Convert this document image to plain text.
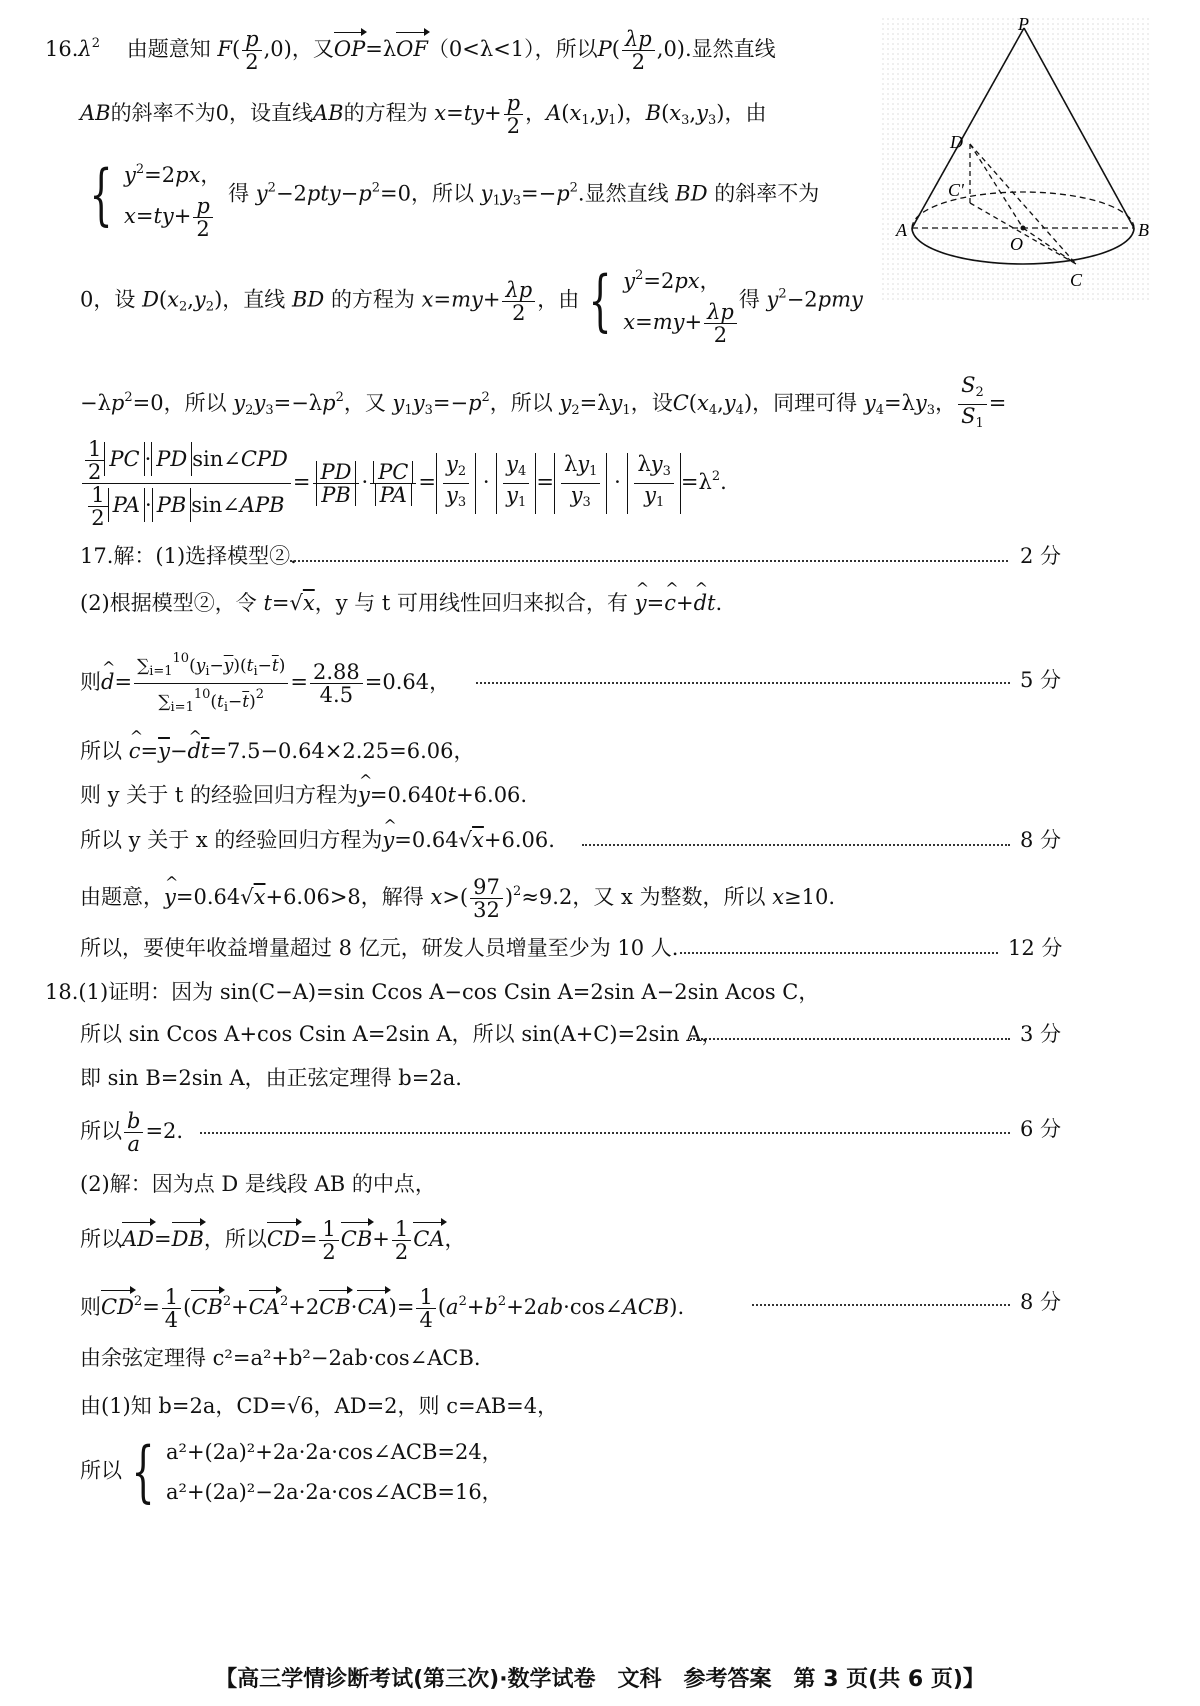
$16.\lambda^2$ 由题意知 $F( \frac{p}{2} ,0)$，又OP=λOF（0<λ<1），所以$P( \frac{\lambda p}{2} ,0)$.显然直线
AB的斜率不为0，设直线AB的方程为 $x=ty+ \frac{p}{2}$ ，$A(x_1,y_1)$，$B(x_3,y_3)$，由
{ $y^2=2px$，
$x=ty+ \frac{p}{2}$
得 $y^2-2pty-p^2=0$，所以 $y_1y_3=-p^2$.显然直线 BD 的斜率不为
0，设 $D(x_2,y_2)$，直线 BD 的方程为 $x=my+ \frac{\lambda p}{2}$ ，由 { $y^2=2px$，
$x=my+ \frac{\lambda p}{2}$
得 $y^2-2pmy$
$-\lambda p^2=0$，所以 $y_2y_3=-\lambda p^2$，又 $y_1y_3=-p^2$，所以 $y_2=\lambda y_1$，设$C(x_4,y_4)$，同理可得 $y_4=\lambda y_3$， $\frac{S_2}{S_1}$ =
$\frac{\frac{1}{2} PC \cdot PD \sin\angle CPD}{\frac{1}{2} PA \cdot PB \sin\angle APB} = \frac{PD}{PB} \cdot \frac{PC}{PA} = \frac{y_2}{y_3} \cdot \frac{y_4}{y_1} = \frac{\lambda y_1}{y_3} \cdot \frac{\lambda y_3}{y_1} =\lambda^2$.
P
D
C'
A
O
B
C
17.解：(1)选择模型②.	2 分
(2)根据模型②，令 t=√x，y 与 t 可用线性回归来拟合，有 ^ y=^ c+^ dt.
则^ $d= \frac{\sum_{i=1}^{10}(y_i-\overline{y})(t_i-\overline{t})}{\sum_{i=1}^{10}(t_i-\overline{t})^2} = \frac{2.88}{4.5} =0.64$，	5 分
所以 ^ $c=\overline{y}-\^{}$ $d\overline{t}=7.5-0.64\times 2.25=6.06$，
则 y 关于 t 的经验回归方程为^ y=0.640t+6.06.
所以 y 关于 x 的经验回归方程为^ y=0.64√x+6.06.	8 分
由题意，^ y=0.64√x+6.06>8，解得 $x>( \frac{97}{32} )^2\approx 9.2$，又 x 为整数，所以 x≥10.
所以，要使年收益增量超过 8 亿元，研发人员增量至少为 10 人.	12 分
18.(1)证明：因为 sin(C−A)=sin Ccos A−cos Csin A=2sin A−2sin Acos C，
所以 sin Ccos A+cos Csin A=2sin A，所以 sin(A+C)=2sin A，	3 分
即 sin B=2sin A，由正弦定理得 b=2a.
所以 $\frac{b}{a} =2$.	6 分
(2)解：因为点 D 是线段 AB 的中点，
所以AD=DB，所以$CD= \frac{1}{2} CB+ \frac{1}{2}$ CA，
则$CD^2= \frac{1}{4} (CB^2+CA^2+2CB\cdot CA)= \frac{1}{4}$ $(a^2+b^2+2ab\cdot\cos\angle ACB)$.	8 分
由余弦定理得 c²=a²+b²−2ab·cos∠ACB.
由(1)知 b=2a，CD=√6，AD=2，则 c=AB=4，
所以 { a²+(2a)²+2a·2a·cos∠ACB=24，
a²+(2a)²−2a·2a·cos∠ACB=16，
【高三学情诊断考试(第三次)·数学试卷　文科　参考答案　第 3 页(共 6 页)】
